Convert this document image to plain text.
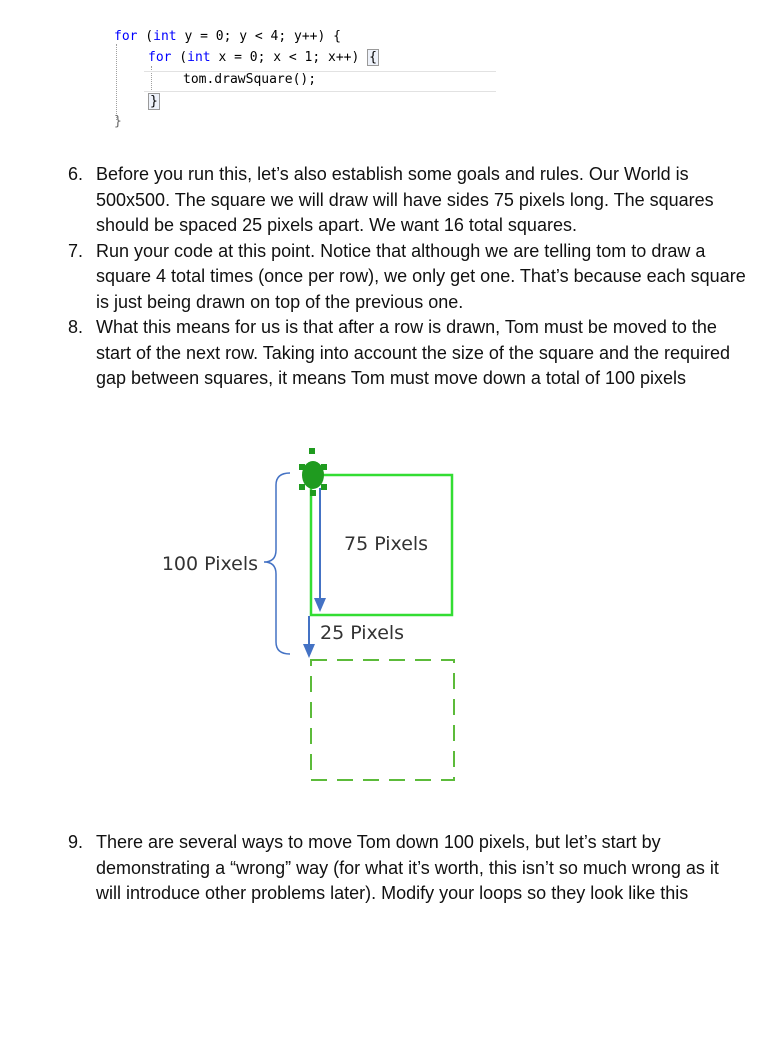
for (int y = 0; y < 4; y++) {
for (int x = 0; x < 1; x++) {
tom.drawSquare();
}
}
6. Before you run this, let’s also establish some goals and rules. Our World is 500x500. The square we will draw will have sides 75 pixels long. The squares should be spaced 25 pixels apart. We want 16 total squares.
7. Run your code at this point. Notice that although we are telling tom to draw a square 4 total times (once per row), we only get one. That’s because each square is just being drawn on top of the previous one.
8. What this means for us is that after a row is drawn, Tom must be moved to the start of the next row. Taking into account the size of the square and the required gap between squares, it means Tom must move down a total of 100 pixels
100 Pixels
75 Pixels
25 Pixels
9. There are several ways to move Tom down 100 pixels, but let’s start by demonstrating a “wrong” way (for what it’s worth, this isn’t so much wrong as it will introduce other problems later). Modify your loops so they look like this
